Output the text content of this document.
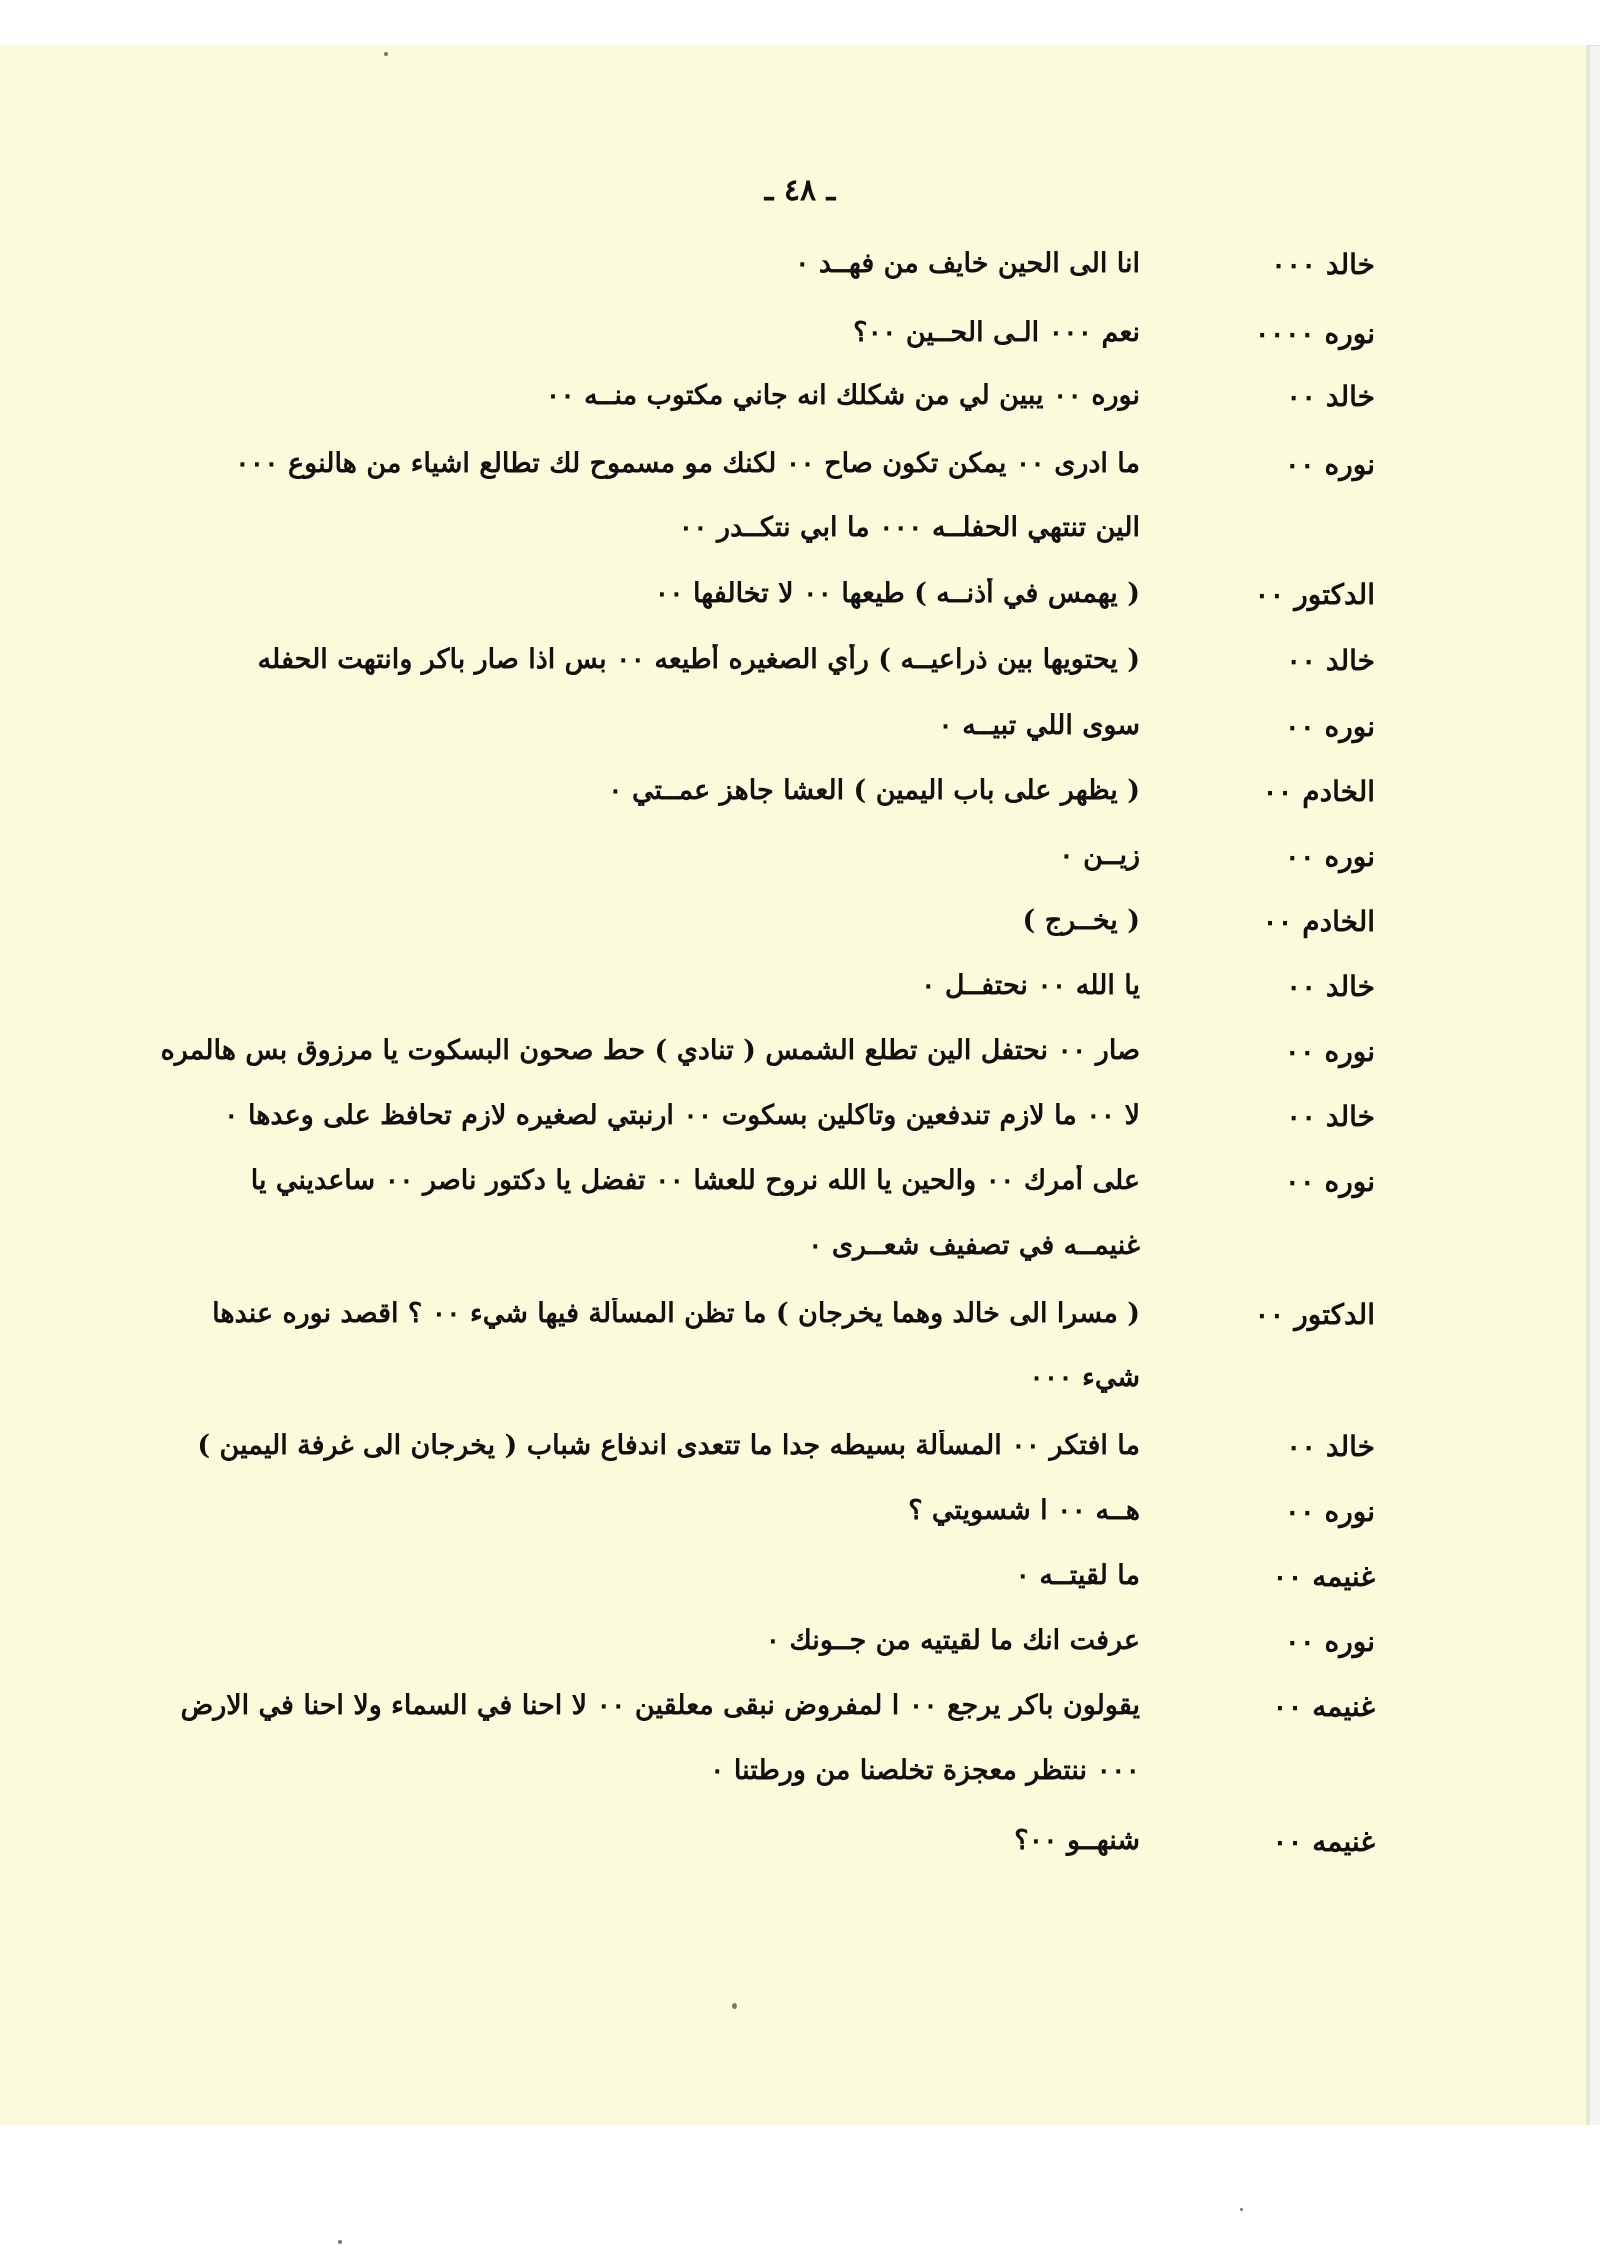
ـ ٤٨ ـ
خالد ٠٠٠
انا الى الحين خايف من فهــد ٠
نوره ٠٠٠٠
نعم ٠٠٠ الـى الحــين ٠٠؟
خالد ٠٠
نوره ٠٠ يبين لي من شكلك انه جاني مكتوب منــه ٠٠
نوره ٠٠
ما ادرى ٠٠ يمكن تكون صاح ٠٠ لكنك مو مسموح لك تطالع اشياء من هالنوع ٠٠٠
الين تنتهي الحفلــه ٠٠٠ ما ابي نتكــدر ٠٠
الدكتور ٠٠
( يهمس في أذنــه ) طيعها ٠٠ لا تخالفها ٠٠
خالد ٠٠
( يحتويها بين ذراعيــه ) رأي الصغيره أطيعه ٠٠ بس اذا صار باكر وانتهت الحفله
نوره ٠٠
سوى اللي تبيــه ٠
الخادم ٠٠
( يظهر على باب اليمين ) العشا جاهز عمــتي ٠
نوره ٠٠
زيــن ٠
الخادم ٠٠
( يخــرج )
خالد ٠٠
يا الله ٠٠ نحتفــل ٠
نوره ٠٠
صار ٠٠ نحتفل الين تطلع الشمس ( تنادي ) حط صحون البسكوت يا مرزوق بس هالمره
خالد ٠٠
لا ٠٠ ما لازم تندفعين وتاكلين بسكوت ٠٠ ارنبتي لصغيره لازم تحافظ على وعدها ٠
نوره ٠٠
على أمرك ٠٠ والحين يا الله نروح للعشا ٠٠ تفضل يا دكتور ناصر ٠٠ ساعديني يا
غنيمــه في تصفيف شعــرى ٠
الدكتور ٠٠
( مسرا الى خالد وهما يخرجان ) ما تظن المسألة فيها شيء ٠٠ ؟ اقصد نوره عندها
شيء ٠٠٠
خالد ٠٠
ما افتكر ٠٠ المسألة بسيطه جدا ما تتعدى اندفاع شباب ( يخرجان الى غرفة اليمين )
نوره ٠٠
هــه ٠٠ ا شسويتي ؟
غنيمه ٠٠
ما لقيتــه ٠
نوره ٠٠
عرفت انك ما لقيتيه من جــونك ٠
غنيمه ٠٠
يقولون باكر يرجع ٠٠ ا لمفروض نبقى معلقين ٠٠ لا احنا في السماء ولا احنا في الارض
٠٠٠ ننتظر معجزة تخلصنا من ورطتنا ٠
غنيمه ٠٠
شنهــو ٠٠؟
